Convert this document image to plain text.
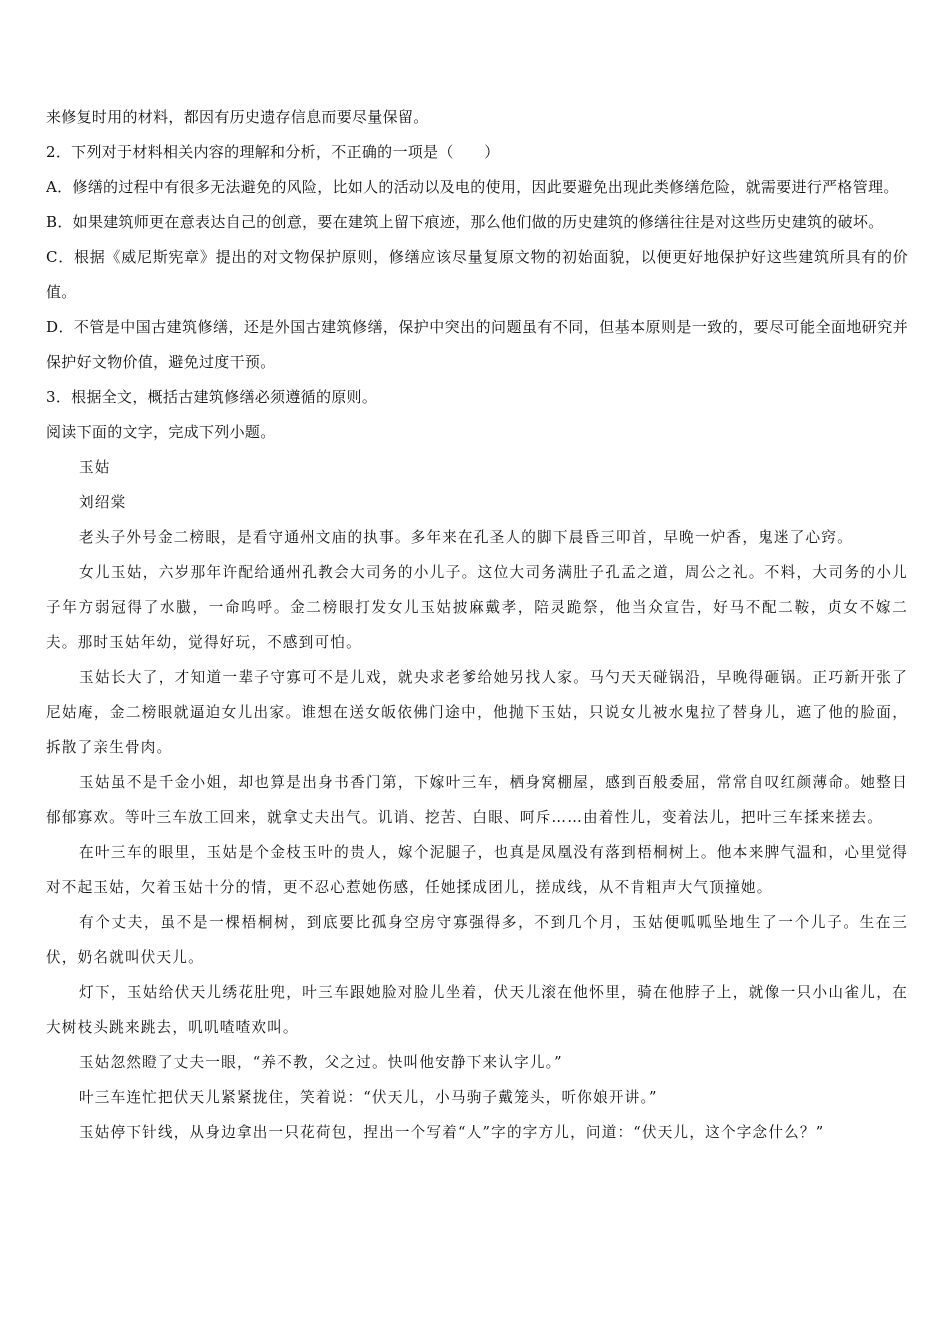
来修复时用的材料，都因有历史遗存信息而要尽量保留。

2．下列对于材料相关内容的理解和分析，不正确的一项是（　　）

A．修缮的过程中有很多无法避免的风险，比如人的活动以及电的使用，因此要避免出现此类修缮危险，就需要进行严格管理。

B．如果建筑师更在意表达自己的创意，要在建筑上留下痕迹，那么他们做的历史建筑的修缮往往是对这些历史建筑的破坏。

C．根据《威尼斯宪章》提出的对文物保护原则，修缮应该尽量复原文物的初始面貌，以便更好地保护好这些建筑所具有的价值。

D．不管是中国古建筑修缮，还是外国古建筑修缮，保护中突出的问题虽有不同，但基本原则是一致的，要尽可能全面地研究并保护好文物价值，避免过度干预。

3．根据全文，概括古建筑修缮必须遵循的原则。

阅读下面的文字，完成下列小题。

玉姑

刘绍棠

老头子外号金二榜眼，是看守通州文庙的执事。多年来在孔圣人的脚下晨昏三叩首，早晚一炉香，鬼迷了心窍。

女儿玉姑，六岁那年许配给通州孔教会大司务的小儿子。这位大司务满肚子孔孟之道，周公之礼。不料，大司务的小儿子年方弱冠得了水臌，一命呜呼。金二榜眼打发女儿玉姑披麻戴孝，陪灵跪祭，他当众宣告，好马不配二鞍，贞女不嫁二夫。那时玉姑年幼，觉得好玩，不感到可怕。

玉姑长大了，才知道一辈子守寡可不是儿戏，就央求老爹给她另找人家。马勺天天碰锅沿，早晚得砸锅。正巧新开张了尼姑庵，金二榜眼就逼迫女儿出家。谁想在送女皈依佛门途中，他抛下玉姑，只说女儿被水鬼拉了替身儿，遮了他的脸面，拆散了亲生骨肉。

玉姑虽不是千金小姐，却也算是出身书香门第，下嫁叶三车，栖身窝棚屋，感到百般委屈，常常自叹红颜薄命。她整日郁郁寡欢。等叶三车放工回来，就拿丈夫出气。讥诮、挖苦、白眼、呵斥……由着性儿，变着法儿，把叶三车揉来搓去。

在叶三车的眼里，玉姑是个金枝玉叶的贵人，嫁个泥腿子，也真是凤凰没有落到梧桐树上。他本来脾气温和，心里觉得对不起玉姑，欠着玉姑十分的情，更不忍心惹她伤感，任她揉成团儿，搓成线，从不肯粗声大气顶撞她。

有个丈夫，虽不是一棵梧桐树，到底要比孤身空房守寡强得多，不到几个月，玉姑便呱呱坠地生了一个儿子。生在三伏，奶名就叫伏天儿。

灯下，玉姑给伏天儿绣花肚兜，叶三车跟她脸对脸儿坐着，伏天儿滚在他怀里，骑在他脖子上，就像一只小山雀儿，在大树枝头跳来跳去，叽叽喳喳欢叫。

玉姑忽然瞪了丈夫一眼，“养不教，父之过。快叫他安静下来认字儿。”

叶三车连忙把伏天儿紧紧拢住，笑着说：“伏天儿，小马驹子戴笼头，听你娘开讲。”

玉姑停下针线，从身边拿出一只花荷包，捏出一个写着“人”字的字方儿，问道：“伏天儿，这个字念什么？”
